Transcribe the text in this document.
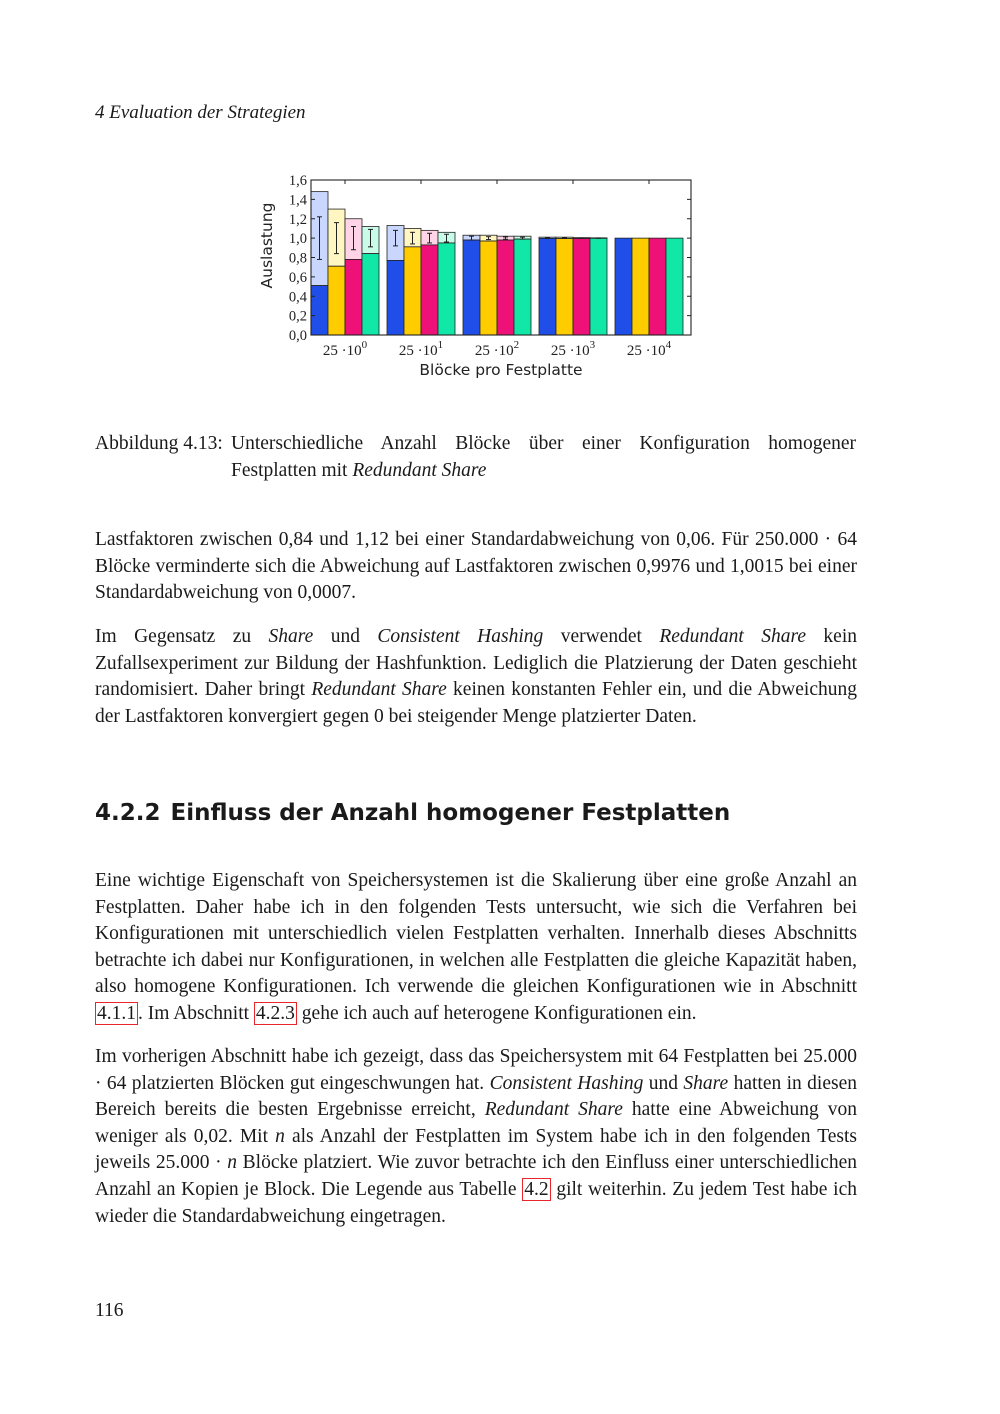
4 Evaluation der Strategien
$25 \cdot 10^0$ $25 \cdot 10^1$ $25 \cdot 10^2$ $25 \cdot 10^3$ $25 \cdot 10^4$
0,0
0,2
0,4
0,6
0,8
1,0
1,2
1,4
1,6
Blöcke pro Festplatte
Auslastung
Abbildung 4.13: Unterschiedliche Anzahl Blöcke über einer Konfiguration homogener Festplatten mit Redundant Share

Lastfaktoren zwischen 0,84 und 1,12 bei einer Standardabweichung von 0,06. Für 250.000 · 64 Blöcke verminderte sich die Abweichung auf Lastfaktoren zwischen 0,9976 und 1,0015 bei einer Standardabweichung von 0,0007.

Im Gegensatz zu Share und Consistent Hashing verwendet Redundant Share kein Zufallsexperiment zur Bildung der Hashfunktion. Lediglich die Platzierung der Daten geschieht randomisiert. Daher bringt Redundant Share keinen konstanten Fehler ein, und die Abweichung der Lastfaktoren konvergiert gegen 0 bei steigender Menge platzierter Daten.

4.2.2 Einfluss der Anzahl homogener Festplatten

Eine wichtige Eigenschaft von Speichersystemen ist die Skalierung über eine große Anzahl an Festplatten. Daher habe ich in den folgenden Tests untersucht, wie sich die Verfahren bei Konfigurationen mit unterschiedlich vielen Festplatten verhalten. Innerhalb dieses Abschnitts betrachte ich dabei nur Konfigurationen, in welchen alle Festplatten die gleiche Kapazität haben, also homogene Konfigurationen. Ich verwende die gleichen Konfigurationen wie in Abschnitt 4.1.1 . Im Abschnitt 4.2.3 gehe ich auch auf heterogene Konfigurationen ein.

Im vorherigen Abschnitt habe ich gezeigt, dass das Speichersystem mit 64 Festplatten bei 25.000 · 64 platzierten Blöcken gut eingeschwungen hat. Consistent Hashing und Share hatten in diesen Bereich bereits die besten Ergebnisse erreicht, Redundant Share hatte eine Abweichung von weniger als 0,02. Mit n als Anzahl der Festplatten im System habe ich in den folgenden Tests jeweils 25.000 · n Blöcke platziert. Wie zuvor betrachte ich den Einfluss einer unterschiedlichen Anzahl an Kopien je Block. Die Legende aus Tabelle 4.2 gilt weiterhin. Zu jedem Test habe ich wieder die Standardabweichung eingetragen.

116
